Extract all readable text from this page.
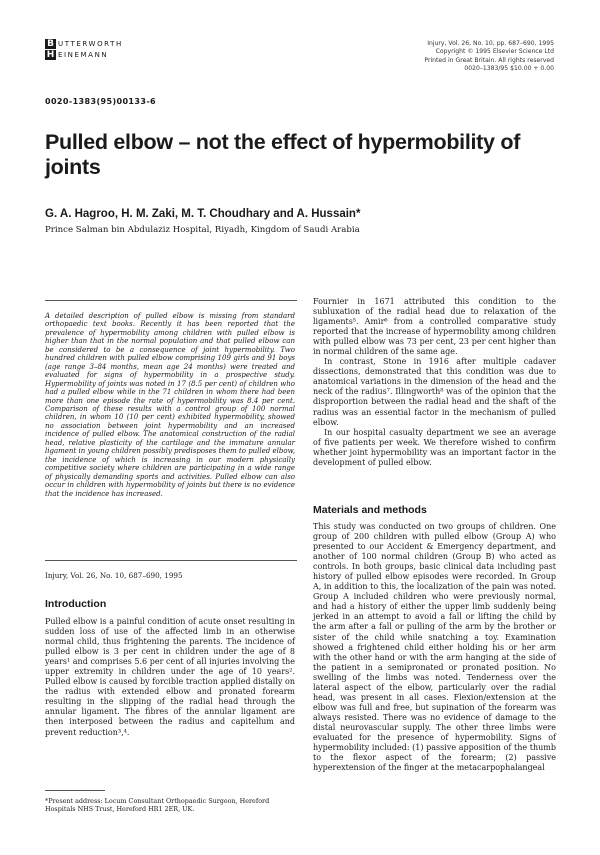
B UTTERWORTH
H EINEMANN
Injury, Vol. 26, No. 10, pp. 687–690, 1995
Copyright © 1995 Elsevier Science Ltd
Printed in Great Britain. All rights reserved
0020–1383/95 $10.00 + 0.00
0020-1383(95)00133-6
Pulled elbow – not the effect of hypermobility of joints
G. A. Hagroo, H. M. Zaki, M. T. Choudhary and A. Hussain*
Prince Salman bin Abdulaziz Hospital, Riyadh, Kingdom of Saudi Arabia
A detailed description of pulled elbow is missing from standard orthopaedic text books. Recently it has been reported that the prevalence of hypermobility among children with pulled elbow is higher than that in the normal population and that pulled elbow can be considered to be a consequence of joint hypermobility. Two hundred children with pulled elbow comprising 109 girls and 91 boys (age range 3–84 months, mean age 24 months) were treated and evaluated for signs of hypermobility in a prospective study. Hypermobility of joints was noted in 17 (8.5 per cent) of children who had a pulled elbow while in the 71 children in whom there had been more than one episode the rate of hypermobility was 8.4 per cent. Comparison of these results with a control group of 100 normal children, in whom 10 (10 per cent) exhibited hypermobility, showed no association between joint hypermobility and an increased incidence of pulled elbow. The anatomical construction of the radial head, relative plasticity of the cartilage and the immature annular ligament in young children possibly predisposes them to pulled elbow, the incidence of which is increasing in our modern physically competitive society where children are participating in a wide range of physically demanding sports and activities. Pulled elbow can also occur in children with hypermobility of joints but there is no evidence that the incidence has increased.
Injury, Vol. 26, No. 10, 687–690, 1995
Introduction

Pulled elbow is a painful condition of acute onset resulting in sudden loss of use of the affected limb in an otherwise normal child, thus frightening the parents. The incidence of pulled elbow is 3 per cent in children under the age of 8 years¹ and comprises 5.6 per cent of all injuries involving the upper extremity in children under the age of 10 years². Pulled elbow is caused by forcible traction applied distally on the radius with extended elbow and pronated forearm resulting in the slipping of the radial head through the annular ligament. The fibres of the annular ligament are then interposed between the radius and capitellum and prevent reduction³,⁴.

*Present address: Locum Consultant Orthopaedic Surgeon, Hereford Hospitals NHS Trust, Hereford HR1 2ER, UK.

Fournier in 1671 attributed this condition to the subluxation of the radial head due to relaxation of the ligaments⁵. Amir⁶ from a controlled comparative study reported that the increase of hypermobility among children with pulled elbow was 73 per cent, 23 per cent higher than in normal children of the same age.

In contrast, Stone in 1916 after multiple cadaver dissections, demonstrated that this condition was due to anatomical variations in the dimension of the head and the neck of the radius⁷. Illingworth⁸ was of the opinion that the disproportion between the radial head and the shaft of the radius was an essential factor in the mechanism of pulled elbow.

In our hospital casualty department we see an average of five patients per week. We therefore wished to confirm whether joint hypermobility was an important factor in the development of pulled elbow.

Materials and methods

This study was conducted on two groups of children. One group of 200 children with pulled elbow (Group A) who presented to our Accident & Emergency department, and another of 100 normal children (Group B) who acted as controls. In both groups, basic clinical data including past history of pulled elbow episodes were recorded. In Group A, in addition to this, the localization of the pain was noted. Group A included children who were previously normal, and had a history of either the upper limb suddenly being jerked in an attempt to avoid a fall or lifting the child by the arm after a fall or pulling of the arm by the brother or sister of the child while snatching a toy. Examination showed a frightened child either holding his or her arm with the other hand or with the arm hanging at the side of the patient in a semipronated or pronated position. No swelling of the limbs was noted. Tenderness over the lateral aspect of the elbow, particularly over the radial head, was present in all cases. Flexion/extension at the elbow was full and free, but supination of the forearm was always resisted. There was no evidence of damage to the distal neurovascular supply. The other three limbs were evaluated for the presence of hypermobility. Signs of hypermobility included: (1) passive apposition of the thumb to the flexor aspect of the forearm; (2) passive hyperextension of the finger at the metacarpophalangeal
